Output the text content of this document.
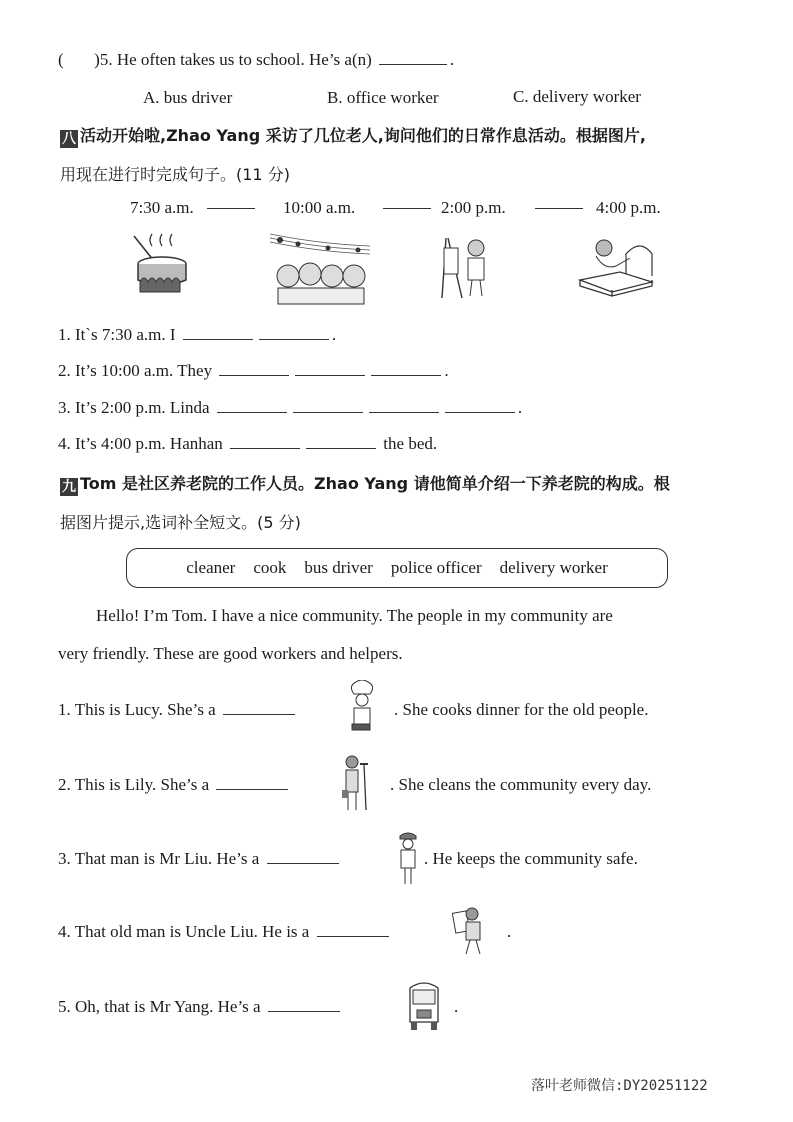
( )5. He often takes us to school. He’s a(n)	.
A. bus driver	B. office worker	C. delivery worker
八 活动开始啦,Zhao Yang 采访了几位老人,询问他们的日常作息活动。根据图片,
用现在进行时完成句子。(11 分)
7:30 a.m.	10:00 a.m.	2:00 p.m.	4:00 p.m.
1. It`s 7:30 a.m. I	.
2. It’s 10:00 a.m. They	.
3. It’s 2:00 p.m. Linda	.
4. It’s 4:00 p.m. Hanhan	the bed.
九 Tom 是社区养老院的工作人员。Zhao Yang 请他简单介绍一下养老院的构成。根
据图片提示,选词补全短文。(5 分)
cleaner cook bus driver police officer delivery worker
Hello! I’m Tom. I have a nice community. The people in my community are
very friendly. These are good workers and helpers.
1. This is Lucy. She’s a	. She cooks dinner for the old people.
2. This is Lily. She’s a	. She cleans the community every day.
3. That man is Mr Liu. He’s a	. He keeps the community safe.
4. That old man is Uncle Liu. He is a	.
5. Oh, that is Mr Yang. He’s a	.
落叶老师微信:DY20251122
